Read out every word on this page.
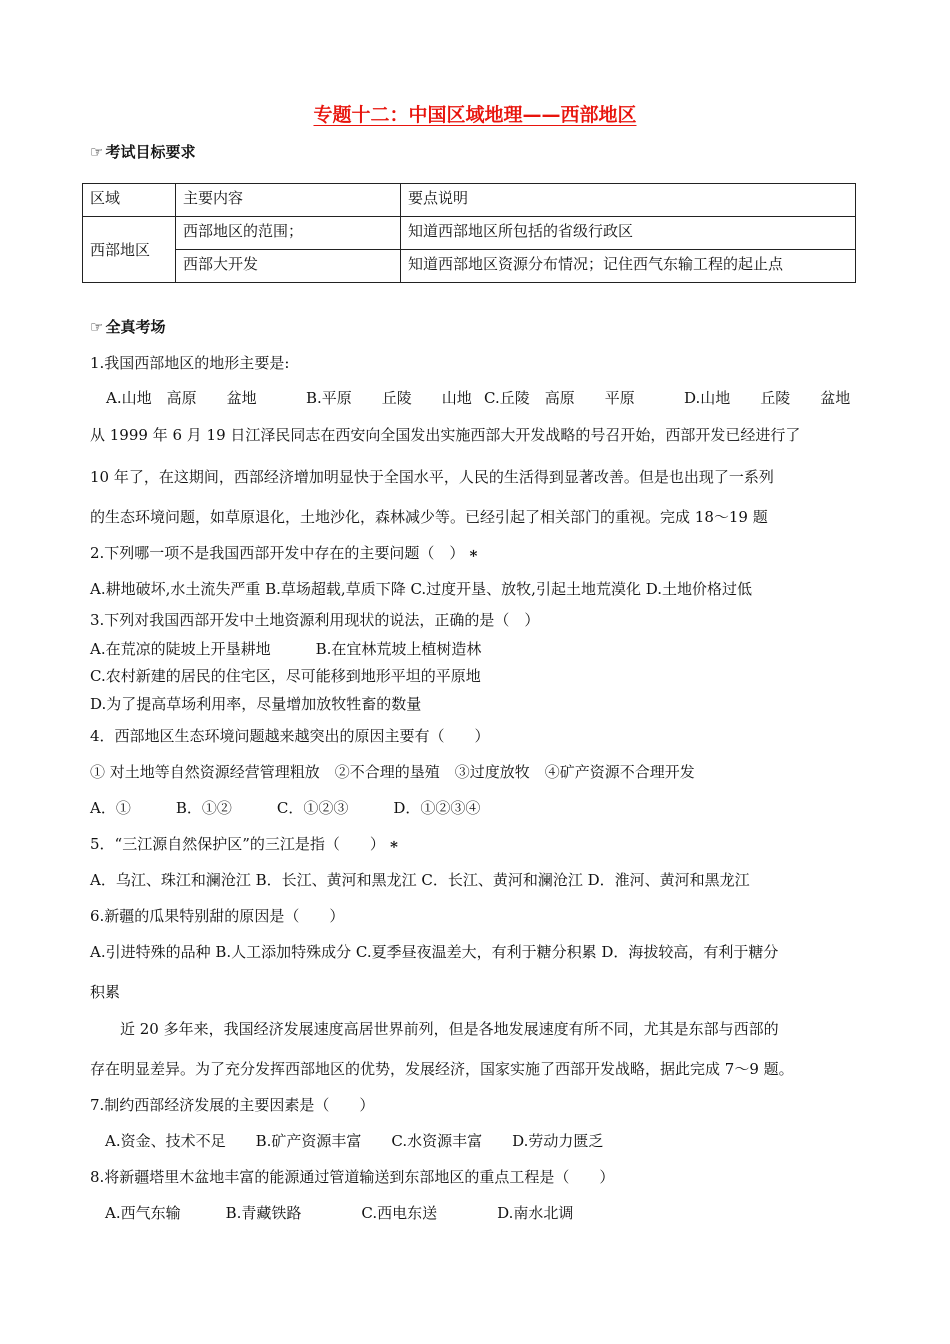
专题十二：中国区域地理——西部地区
☞ 考试目标要求
区域	主要内容	要点说明
西部地区	西部地区的范围；	知道西部地区所包括的省级行政区
	西部大开发	知道西部地区资源分布情况；记住西气东输工程的起止点
☞ 全真考场
1.我国西部地区的地形主要是:
A.山地　高原　　盆地	B.平原　　丘陵　　山地 C.丘陵　高原　　平原	D.山地　　丘陵　　盆地
从 1999 年 6 月 19 日江泽民同志在西安向全国发出实施西部大开发战略的号召开始，西部开发已经进行了
10 年了，在这期间，西部经济增加明显快于全国水平，人民的生活得到显著改善。但是也出现了一系列
的生态环境问题，如草原退化，土地沙化，森林减少等。已经引起了相关部门的重视。完成 18～19 题
2.下列哪一项不是我国西部开发中存在的主要问题（　） ∗
A.耕地破坏,水土流失严重 B.草场超载,草质下降 C.过度开垦、放牧,引起土地荒漠化 D.土地价格过低
3.下列对我国西部开发中土地资源利用现状的说法，正确的是（　）
A.在荒凉的陡坡上开垦耕地　　　B.在宜林荒坡上植树造林
C.农村新建的居民的住宅区，尽可能移到地形平坦的平原地
D.为了提高草场利用率，尽量增加放牧牲畜的数量
4．西部地区生态环境问题越来越突出的原因主要有（　　）
① 对土地等自然资源经营管理粗放　②不合理的垦殖　③过度放牧　④矿产资源不合理开发
A．①　　　B．①②　　　C．①②③　　　D．①②③④
5．“三江源自然保护区”的三江是指（　　） ∗
A．乌江、珠江和澜沧江 B．长江、黄河和黑龙江 C．长江、黄河和澜沧江 D．淮河、黄河和黑龙江
6.新疆的瓜果特别甜的原因是（　　）
A.引进特殊的品种 B.人工添加特殊成分 C.夏季昼夜温差大，有利于糖分积累 D．海拔较高，有利于糖分
积累
　　近 20 多年来，我国经济发展速度高居世界前列，但是各地发展速度有所不同，尤其是东部与西部的
存在明显差异。为了充分发挥西部地区的优势，发展经济，国家实施了西部开发战略，据此完成 7～9 题。
7.制约西部经济发展的主要因素是（　　）
　A.资金、技术不足　　B.矿产资源丰富　　C.水资源丰富　　D.劳动力匮乏
8.将新疆塔里木盆地丰富的能源通过管道输送到东部地区的重点工程是（　　）
　A.西气东输　　　B.青藏铁路　　　　C.西电东送　　　　D.南水北调
